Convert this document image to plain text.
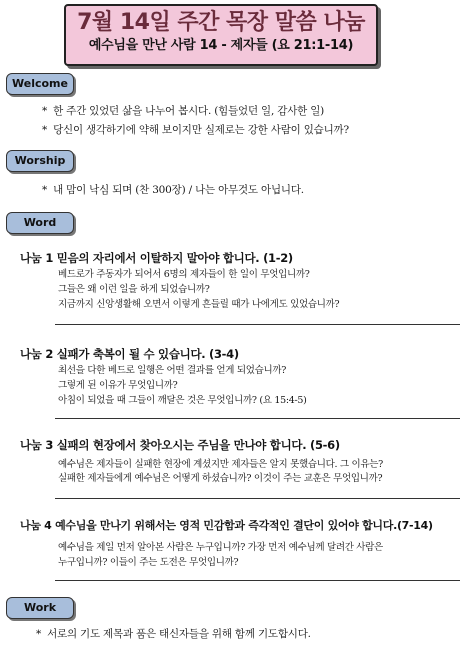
7월 14일 주간 목장 말씀 나눔
예수님을 만난 사람 14 - 제자들 (요 21:1-14)
Welcome
* 한 주간 있었던 삶을 나누어 봅시다. (힘들었던 일, 감사한 일)
* 당신이 생각하기에 약해 보이지만 실제로는 강한 사람이 있습니까?
Worship
* 내 맘이 낙심 되며 (찬 300장) / 나는 아무것도 아닙니다.
Word
나눔 1 믿음의 자리에서 이탈하지 말아야 합니다. (1-2)
베드로가 주동자가 되어서 6명의 제자들이 한 일이 무엇입니까?
그들은 왜 이런 일을 하게 되었습니까?
지금까지 신앙생활해 오면서 이렇게 흔들릴 때가 나에게도 있었습니까?
나눔 2 실패가 축복이 될 수 있습니다. (3-4)
최선을 다한 베드로 일행은 어떤 결과를 얻게 되었습니까?
그렇게 된 이유가 무엇입니까?
아침이 되었을 때 그들이 깨달은 것은 무엇입니까? (요 15:4-5)
나눔 3 실패의 현장에서 찾아오시는 주님을 만나야 합니다. (5-6)
예수님은 제자들이 실패한 현장에 계셨지만 제자들은 알지 못했습니다. 그 이유는?
실패한 제자들에게 예수님은 어떻게 하셨습니까? 이것이 주는 교훈은 무엇입니까?
나눔 4 예수님을 만나기 위해서는 영적 민감함과 즉각적인 결단이 있어야 합니다.(7-14)
예수님을 제일 먼저 알아본 사람은 누구입니까? 가장 먼저 예수님께 달려간 사람은
누구입니까? 이들이 주는 도전은 무엇입니까?
Work
* 서로의 기도 제목과 품은 태신자들을 위해 함께 기도합시다.
